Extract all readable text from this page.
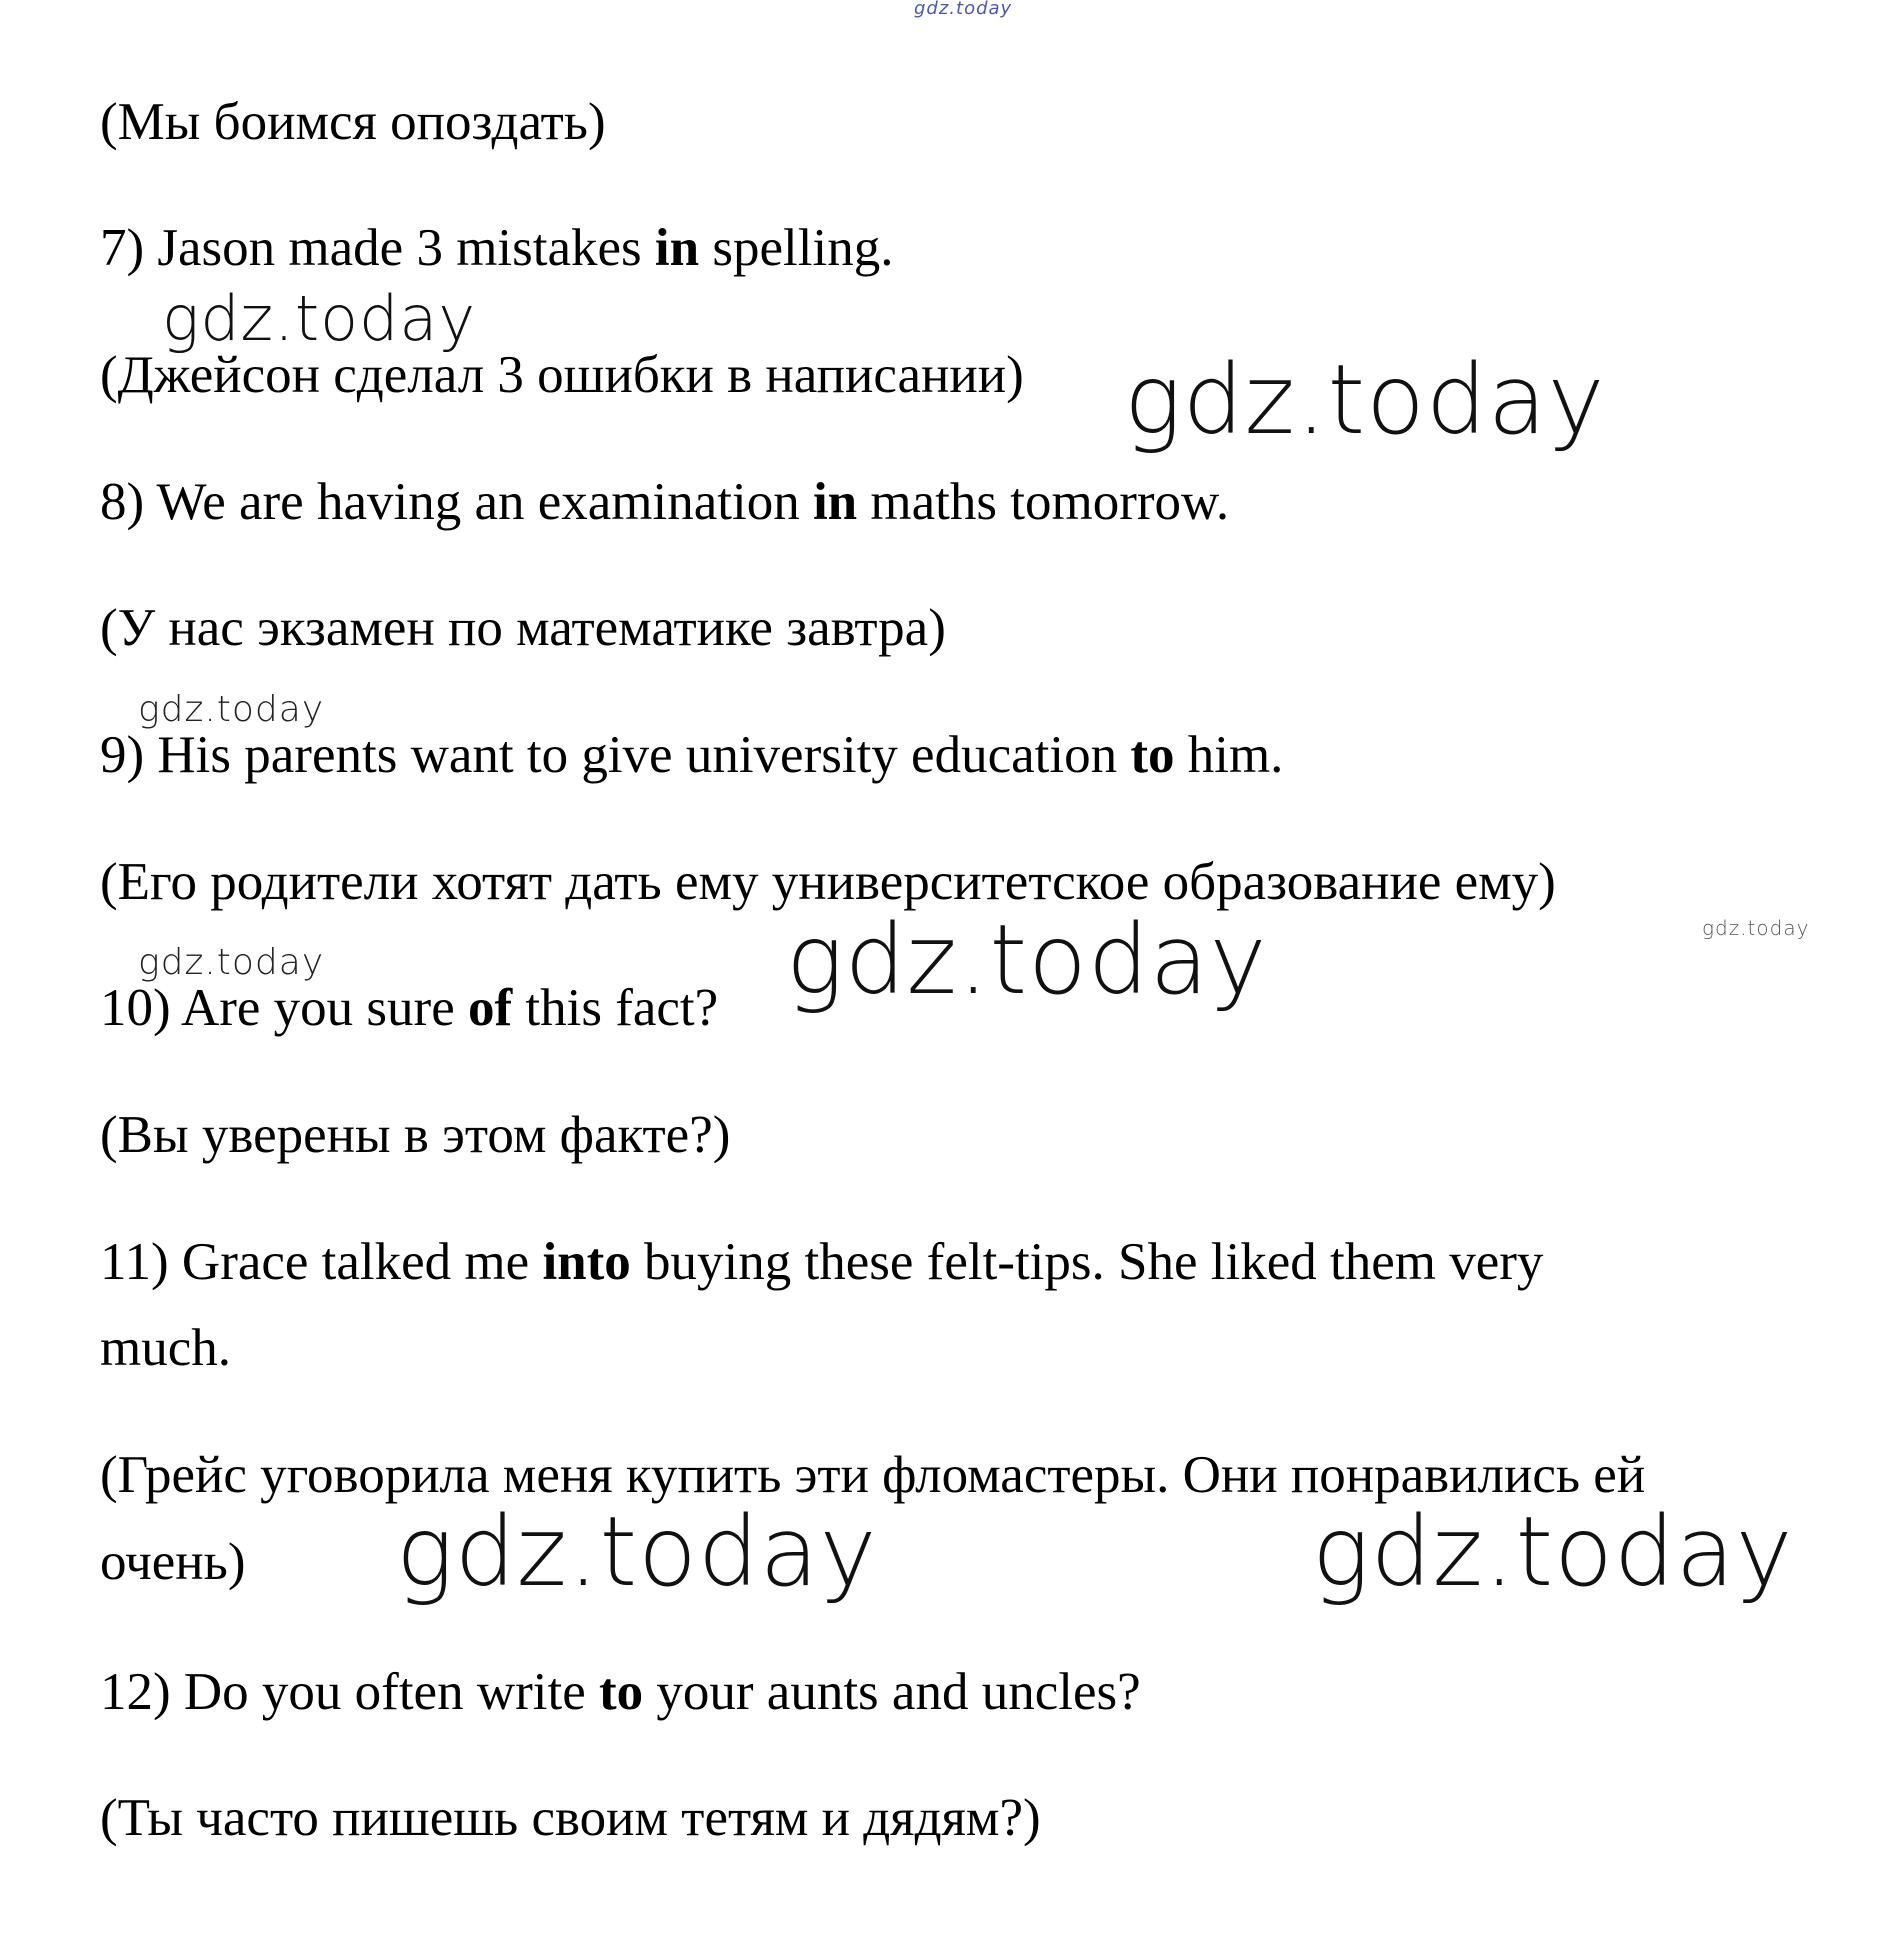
gdz.today
gdz.today
gdz.today
gdz.today
gdz.today
gdz.today	gdz.today
gdz.today	gdz.today

(Мы боимся опоздать)

7) Jason made 3 mistakes in spelling.

(Джейсон сделал 3 ошибки в написании)

8) We are having an examination in maths tomorrow.

(У нас экзамен по математике завтра)

9) His parents want to give university education to him.

(Его родители хотят дать ему университетское образование ему)

10) Are you sure of this fact?

(Вы уверены в этом факте?)

11) Grace talked me into buying these felt-tips. She liked them very

much.

(Грейс уговорила меня купить эти фломастеры. Они понравились ей

очень)

12) Do you often write to your aunts and uncles?

(Ты часто пишешь своим тетям и дядям?)
